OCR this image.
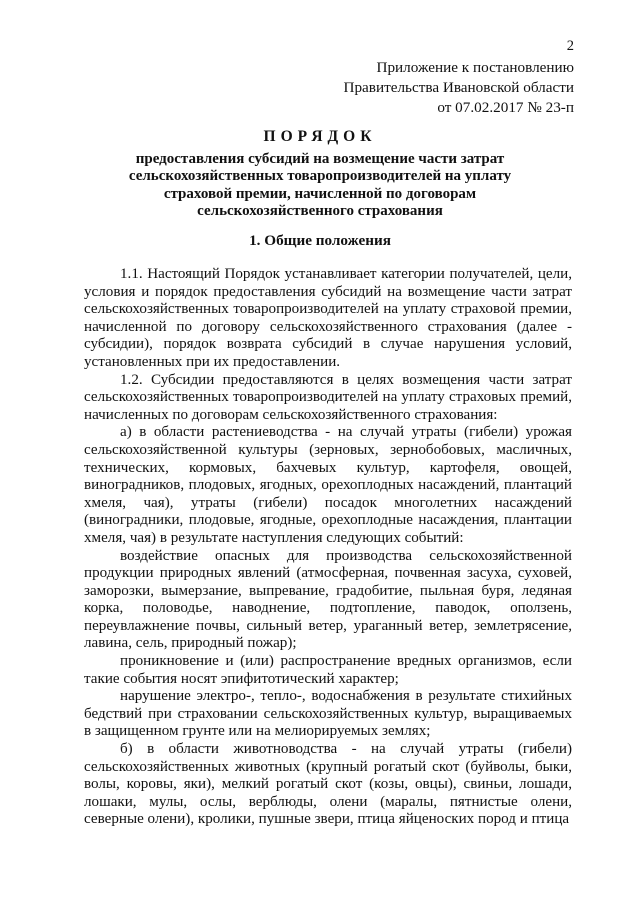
2
Приложение к постановлению
Правительства Ивановской области
от 07.02.2017 № 23-п
ПОРЯДОК
предоставления субсидий на возмещение части затрат сельскохозяйственных товаропроизводителей на уплату страховой премии, начисленной по договорам сельскохозяйственного страхования
1. Общие положения

1.1. Настоящий Порядок устанавливает категории получателей, цели, условия и порядок предоставления субсидий на возмещение части затрат сельскохозяйственных товаропроизводителей на уплату страховой премии, начисленной по договору сельскохозяйственного страхования (далее - субсидии), порядок возврата субсидий в случае нарушения условий, установленных при их предоставлении.

1.2. Субсидии предоставляются в целях возмещения части затрат сельскохозяйственных товаропроизводителей на уплату страховых премий, начисленных по договорам сельскохозяйственного страхования:

а) в области растениеводства - на случай утраты (гибели) урожая сельскохозяйственной культуры (зерновых, зернобобовых, масличных, технических, кормовых, бахчевых культур, картофеля, овощей, виноградников, плодовых, ягодных, орехоплодных насаждений, плантаций хмеля, чая), утраты (гибели) посадок многолетних насаждений (виноградники, плодовые, ягодные, орехоплодные насаждения, плантации хмеля, чая) в результате наступления следующих событий:

воздействие опасных для производства сельскохозяйственной продукции природных явлений (атмосферная, почвенная засуха, суховей, заморозки, вымерзание, выпревание, градобитие, пыльная буря, ледяная корка, половодье, наводнение, подтопление, паводок, оползень, переувлажнение почвы, сильный ветер, ураганный ветер, землетрясение, лавина, сель, природный пожар);

проникновение и (или) распространение вредных организмов, если такие события носят эпифитотический характер;

нарушение электро-, тепло-, водоснабжения в результате стихийных бедствий при страховании сельскохозяйственных культур, выращиваемых в защищенном грунте или на мелиорируемых землях;

б) в области животноводства - на случай утраты (гибели) сельскохозяйственных животных (крупный рогатый скот (буйволы, быки, волы, коровы, яки), мелкий рогатый скот (козы, овцы), свиньи, лошади, лошаки, мулы, ослы, верблюды, олени (маралы, пятнистые олени, северные олени), кролики, пушные звери, птица яйценоских пород и птица
